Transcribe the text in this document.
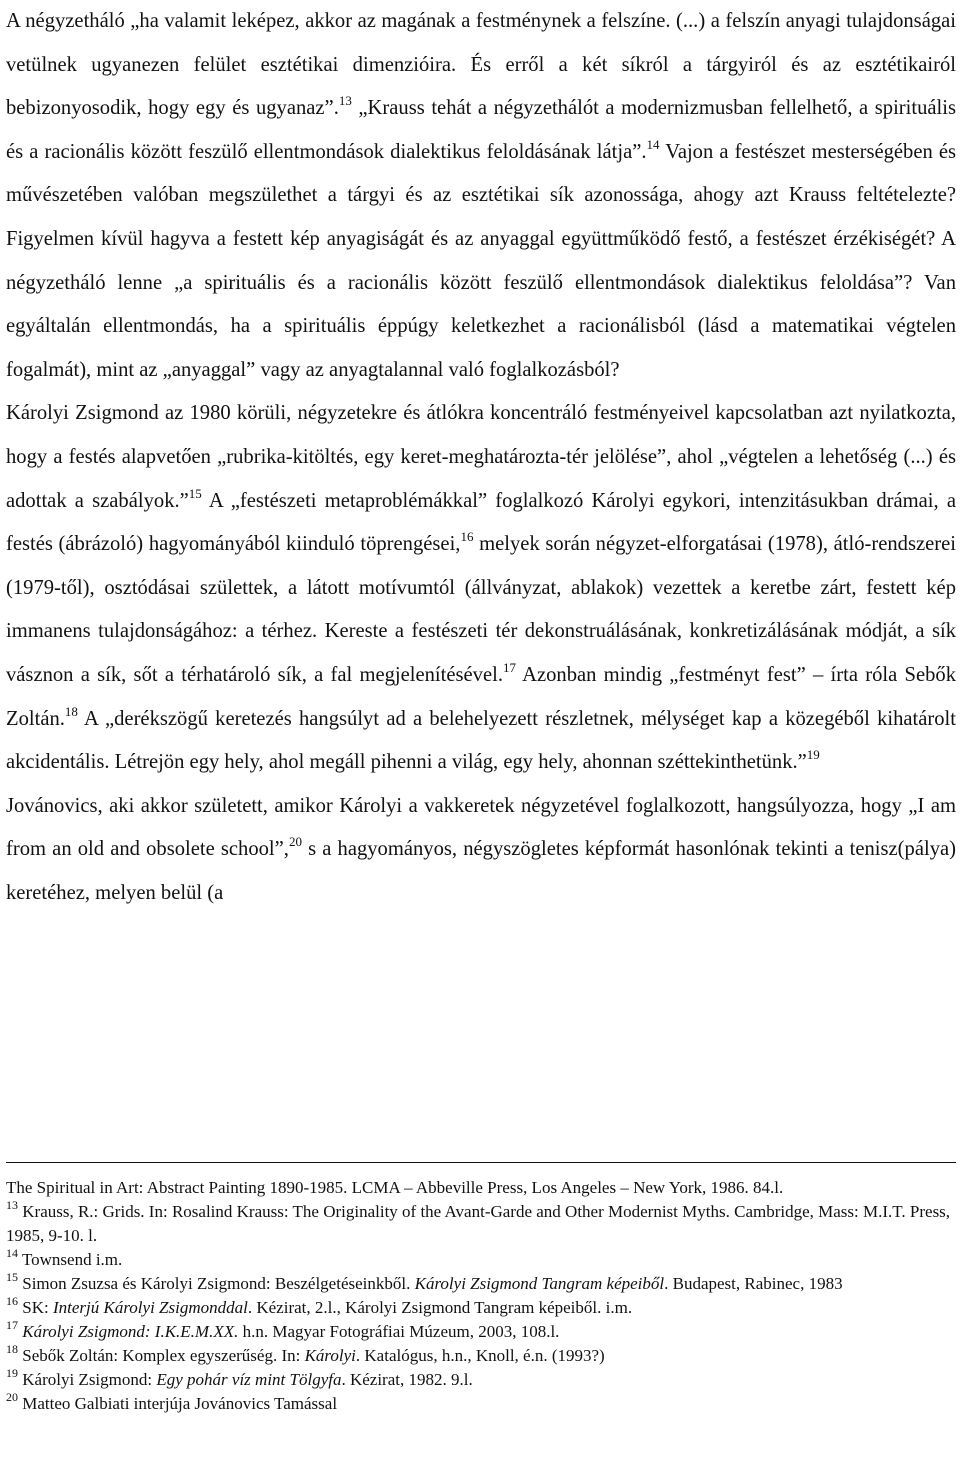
A négyzetháló „ha valamit leképez, akkor az magának a festménynek a felszíne. (...) a felszín anyagi tulajdonságai vetülnek ugyanezen felület esztétikai dimenzióira. És erről a két síkról a tárgyiról és az esztétikairól bebizonyosodik, hogy egy és ugyanaz”.$^{13}$ „Krauss tehát a négyzethálót a modernizmusban fellelhető, a spirituális és a racionális között feszülő ellentmondások dialektikus feloldásának látja”.$^{14}$ Vajon a festészet mesterségében és művészetében valóban megszülethet a tárgyi és az esztétikai sík azonossága, ahogy azt Krauss feltételezte? Figyelmen kívül hagyva a festett kép anyagiságát és az anyaggal együttműködő festő, a festészet érzékiségét? A négyzetháló lenne „a spirituális és a racionális között feszülő ellentmondások dialektikus feloldása”? Van egyáltalán ellentmondás, ha a spirituális éppúgy keletkezhet a racionálisból (lásd a matematikai végtelen fogalmát), mint az „anyaggal” vagy az anyagtalannal való foglalkozásból?

Károlyi Zsigmond az 1980 körüli, négyzetekre és átlókra koncentráló festményeivel kapcsolatban azt nyilatkozta, hogy a festés alapvetően „rubrika-kitöltés, egy keret-meghatározta-tér jelölése”, ahol „végtelen a lehetőség (...) és adottak a szabályok.”$^{15}$ A „festészeti metaproblémákkal” foglalkozó Károlyi egykori, intenzitásukban drámai, a festés (ábrázoló) hagyományából kiinduló töprengései,$^{16}$ melyek során négyzet-elforgatásai (1978), átló-rendszerei (1979-től), osztódásai születtek, a látott motívumtól (állványzat, ablakok) vezettek a keretbe zárt, festett kép immanens tulajdonságához: a térhez. Kereste a festészeti tér dekonstruálásának, konkretizálásának módját, a sík vásznon a sík, sőt a térhatároló sík, a fal megjelenítésével.$^{17}$ Azonban mindig „festményt fest” – írta róla Sebők Zoltán.$^{18}$ A „derékszögű keretezés hangsúlyt ad a belehelyezett részletnek, mélységet kap a közegéből kihatárolt akcidentális. Létrejön egy hely, ahol megáll pihenni a világ, egy hely, ahonnan széttekinthetünk.”$^{19}$

Jovánovics, aki akkor született, amikor Károlyi a vakkeretek négyzetével foglalkozott, hangsúlyozza, hogy „I am from an old and obsolete school”,$^{20}$ s a hagyományos, négyszögletes képformát hasonlónak tekinti a tenisz(pálya) keretéhez, melyen belül (a

The Spiritual in Art: Abstract Painting 1890-1985. LCMA – Abbeville Press, Los Angeles – New York, 1986. 84.l.

$^{13}$ Krauss, R.: Grids. In: Rosalind Krauss: The Originality of the Avant-Garde and Other Modernist Myths. Cambridge, Mass: M.I.T. Press, 1985, 9-10. l.

$^{14}$ Townsend i.m.

$^{15}$ Simon Zsuzsa és Károlyi Zsigmond: Beszélgetéseinkből. Károlyi Zsigmond Tangram képeiből. Budapest, Rabinec, 1983

$^{16}$ SK: Interjú Károlyi Zsigmonddal. Kézirat, 2.l., Károlyi Zsigmond Tangram képeiből. i.m.

$^{17}$ Károlyi Zsigmond: I.K.E.M.XX. h.n. Magyar Fotográfiai Múzeum, 2003, 108.l.

$^{18}$ Sebők Zoltán: Komplex egyszerűség. In: Károlyi. Katalógus, h.n., Knoll, é.n. (1993?)

$^{19}$ Károlyi Zsigmond: Egy pohár víz mint Tölgyfa. Kézirat, 1982. 9.l.

$^{20}$ Matteo Galbiati interjúja Jovánovics Tamással
